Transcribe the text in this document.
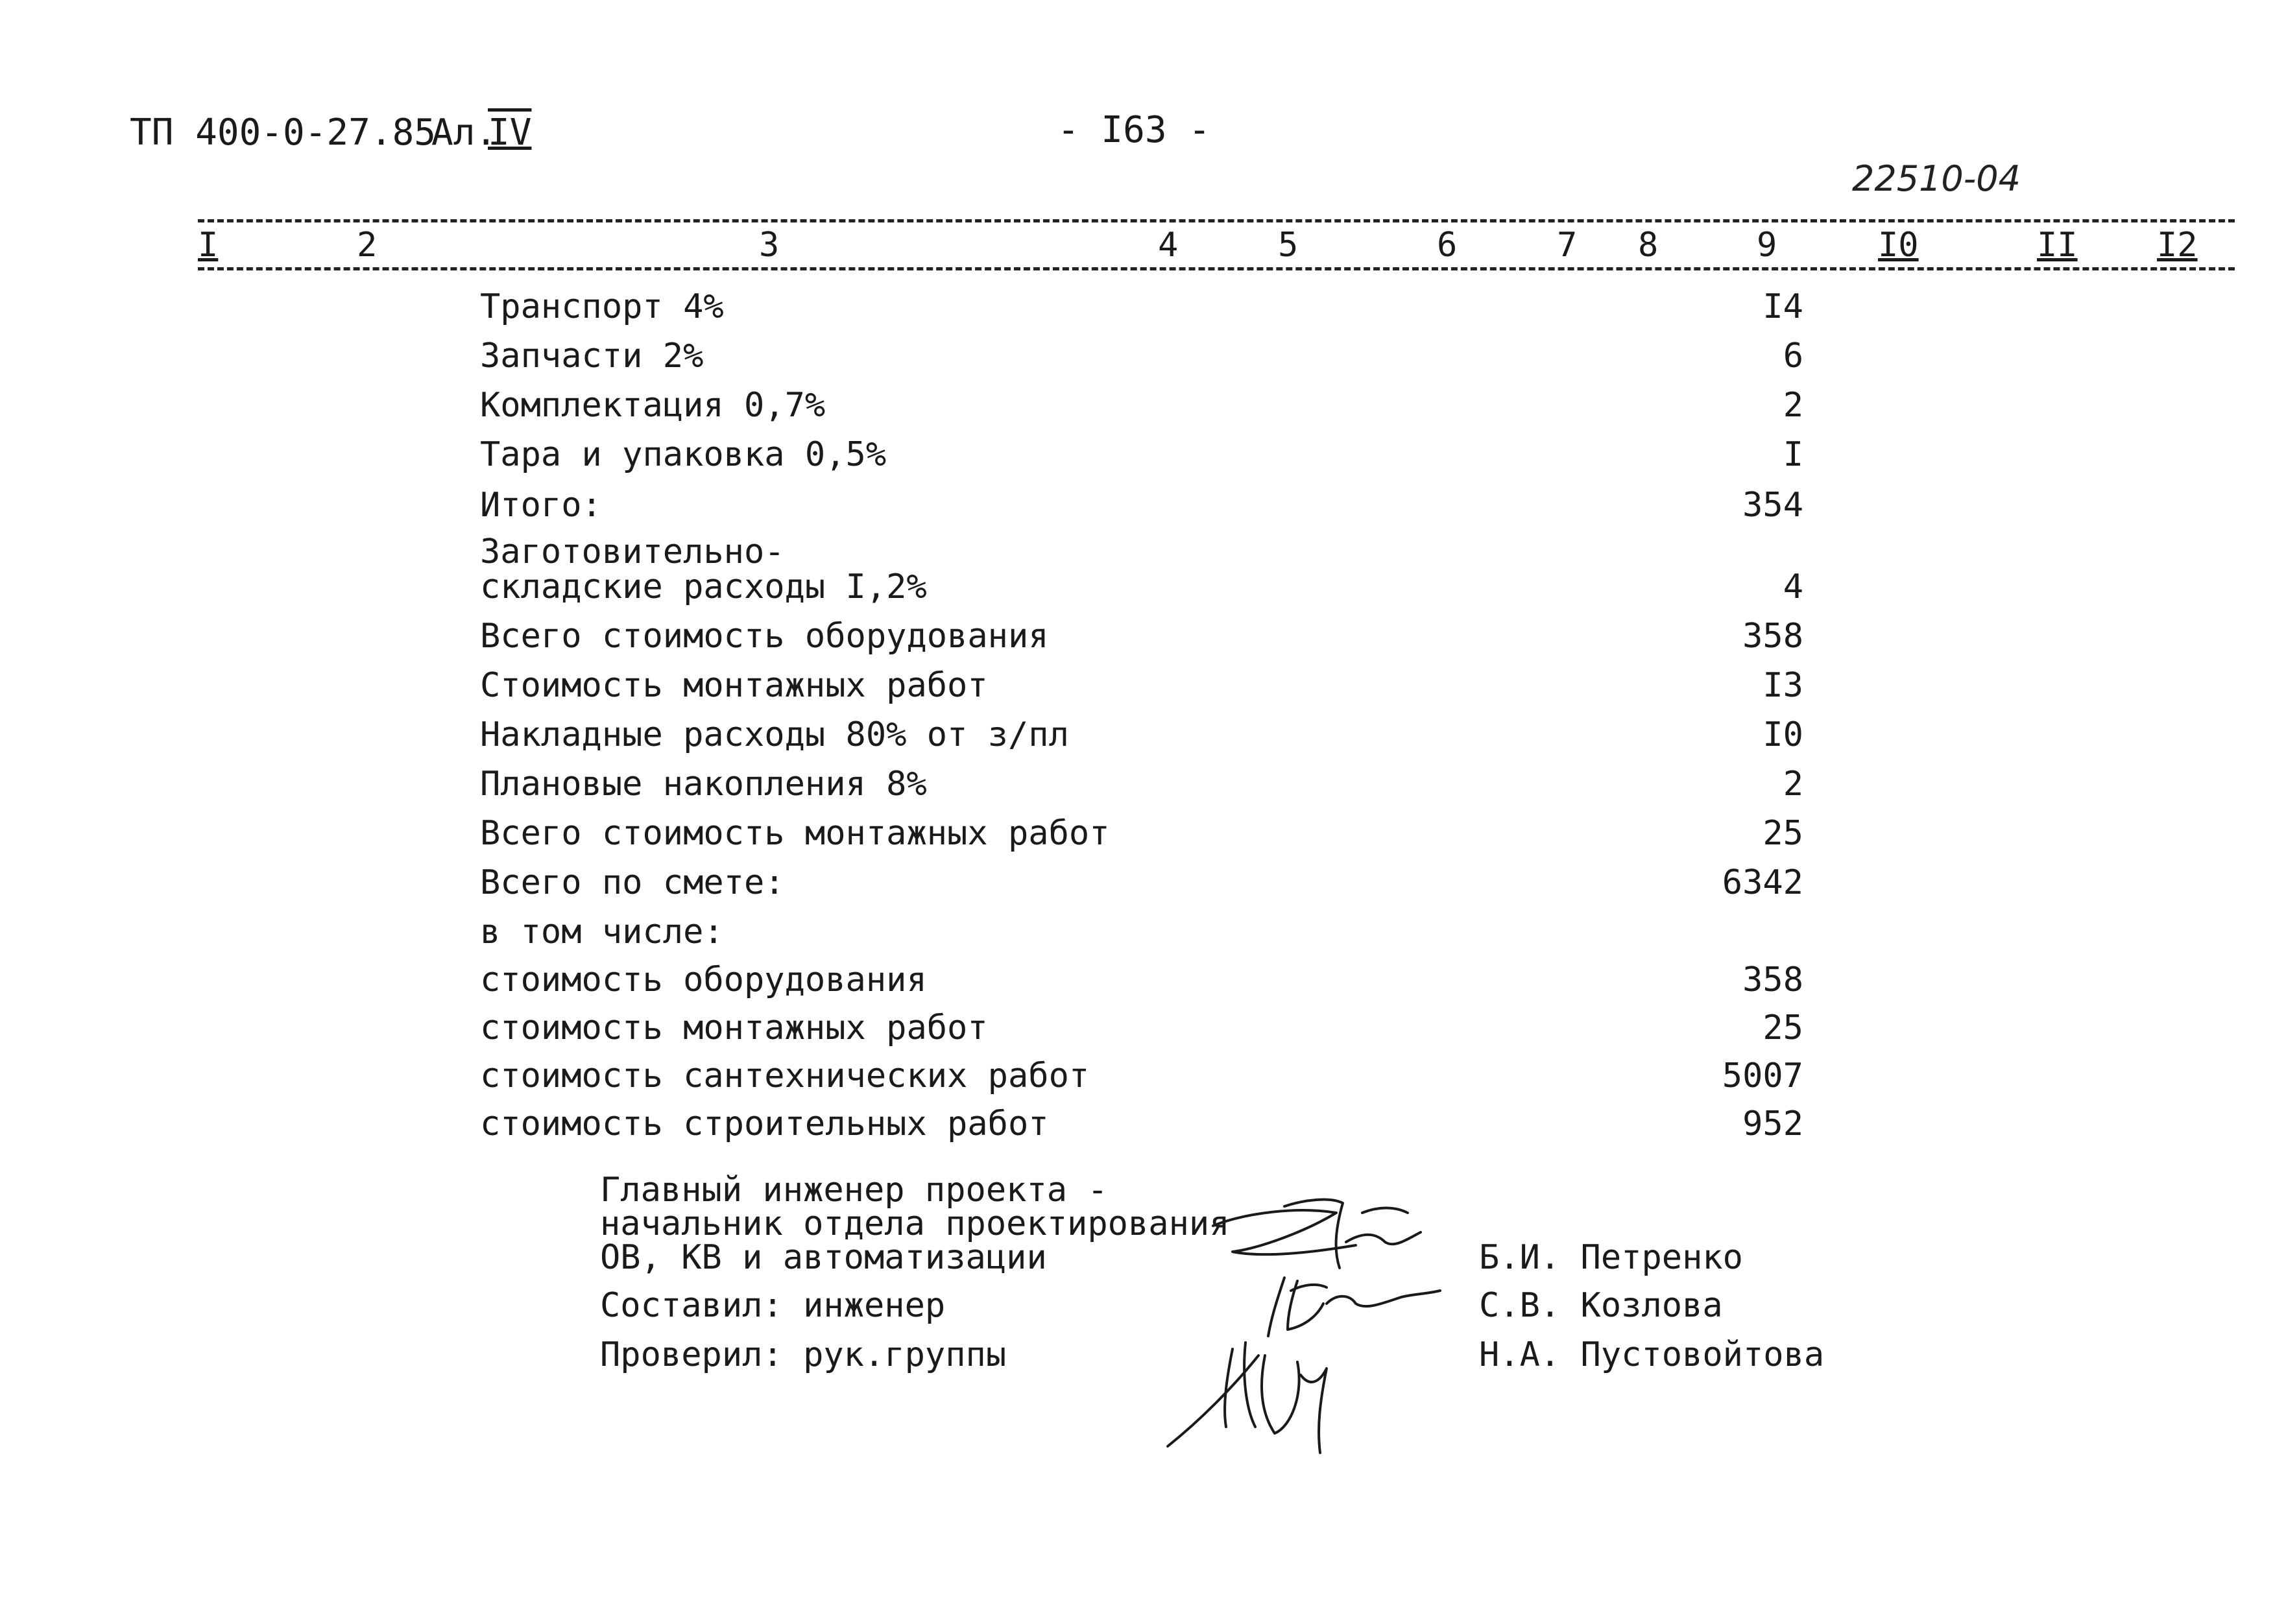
ТП 400-0-27.85
Ал.
IV	- I63 -
22510-04
I	2	3	4	5	6	7 8	9	I0	II I2
Транспорт 4%	I4
Запчасти 2%	6
Комплектация 0,7%	2
Тара и упаковка 0,5%	I
Итого:	354
Заготовительно-
складские расходы I,2%	4
Всего стоимость оборудования	358
Стоимость монтажных работ	I3
Накладные расходы 80% от з/пл	I0
Плановые накопления 8%	2
Всего стоимость монтажных работ	25
Всего по смете:	6342
в том числе:
стоимость оборудования	358
стоимость монтажных работ	25
стоимость сантехнических работ	5007
стоимость строительных работ	952
Главный инженер проекта -
начальник отдела проектирования
ОВ, КВ и автоматизации	Б.И. Петренко
Составил: инженер	С.В. Козлова
Проверил: рук.группы	Н.А. Пустовойтова
